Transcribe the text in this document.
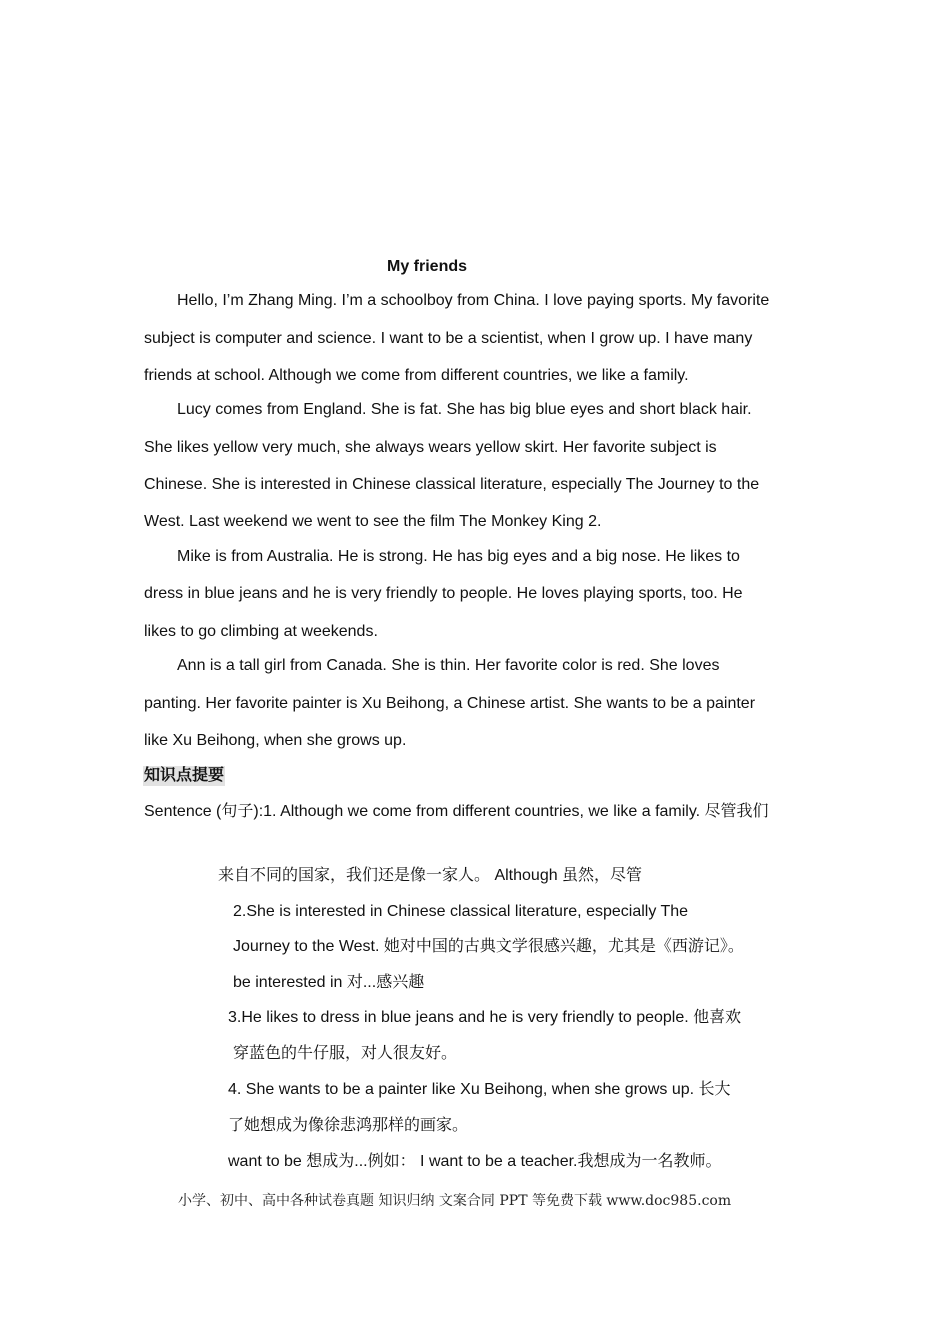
My friends
Hello, I’m Zhang Ming. I’m a schoolboy from China. I love paying sports. My favorite
subject is computer and science. I want to be a scientist, when I grow up. I have many
friends at school. Although we come from different countries, we like a family.
Lucy comes from England. She is fat. She has big blue eyes and short black hair.
She likes yellow very much, she always wears yellow skirt. Her favorite subject is
Chinese. She is interested in Chinese classical literature, especially The Journey to the
West. Last weekend we went to see the film The Monkey King 2.
Mike is from Australia. He is strong. He has big eyes and a big nose. He likes to
dress in blue jeans and he is very friendly to people. He loves playing sports, too. He
likes to go climbing at weekends.
Ann is a tall girl from Canada. She is thin. Her favorite color is red. She loves
panting. Her favorite painter is Xu Beihong, a Chinese artist. She wants to be a painter
like Xu Beihong, when she grows up.
知识点提要
Sentence (句子):1. Although we come from different countries, we like a family. 尽管我们
来自不同的国家，我们还是像一家人。 Although 虽然，尽管
2.She is interested in Chinese classical literature, especially The
Journey to the West. 她对中国的古典文学很感兴趣，尤其是《西游记》。
be interested in 对...感兴趣
3.He likes to dress in blue jeans and he is very friendly to people. 他喜欢
穿蓝色的牛仔服，对人很友好。
4. She wants to be a painter like Xu Beihong, when she grows up. 长大
了她想成为像徐悲鸿那样的画家。
want to be 想成为...例如： I want to be a teacher.我想成为一名教师。
小学、初中、高中各种试卷真题 知识归纳 文案合同 PPT 等免费下载 www.doc985.com
